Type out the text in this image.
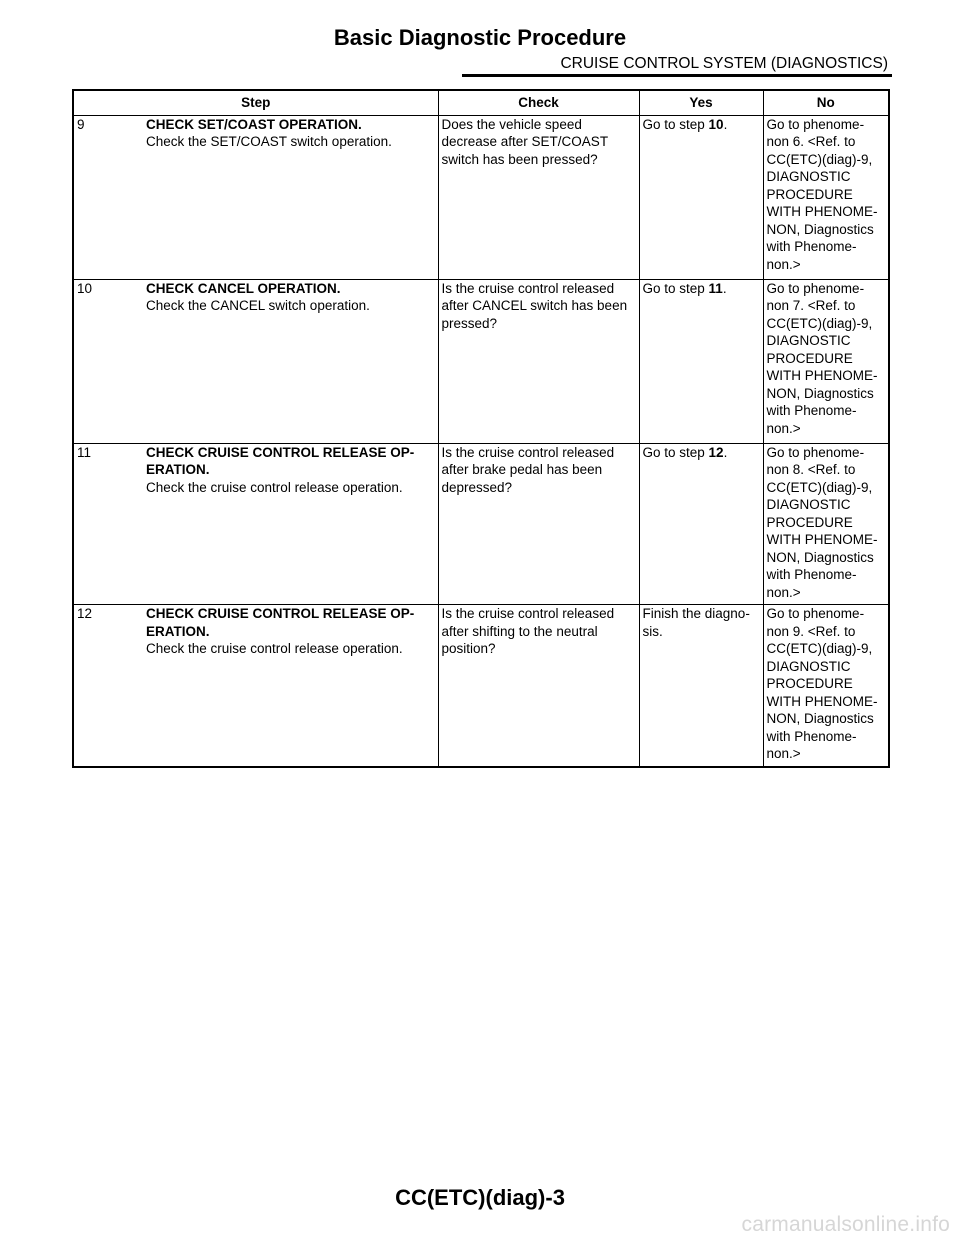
Basic Diagnostic Procedure
CRUISE CONTROL SYSTEM (DIAGNOSTICS)
Step	Check	Yes	No

9 CHECK SET/COAST OPERATION.
Check the SET/COAST switch operation.	Does the vehicle speed decrease after SET/COAST switch has been pressed?	Go to step 10.	Go to phenome-non 6. <Ref. to CC(ETC)(diag)-9, DIAGNOSTIC PROCEDURE WITH PHENOME-NON, Diagnostics with Phenome-non.>

10 CHECK CANCEL OPERATION.
Check the CANCEL switch operation.	Is the cruise control released after CANCEL switch has been pressed?	Go to step 11.	Go to phenome-non 7. <Ref. to CC(ETC)(diag)-9, DIAGNOSTIC PROCEDURE WITH PHENOME-NON, Diagnostics with Phenome-non.>

11 CHECK CRUISE CONTROL RELEASE OP-ERATION.
Check the cruise control release operation.	Is the cruise control released after brake pedal has been depressed?	Go to step 12.	Go to phenome-non 8. <Ref. to CC(ETC)(diag)-9, DIAGNOSTIC PROCEDURE WITH PHENOME-NON, Diagnostics with Phenome-non.>

12 CHECK CRUISE CONTROL RELEASE OP-ERATION.
Check the cruise control release operation.	Is the cruise control released after shifting to the neutral position?	Finish the diagno-sis.	Go to phenome-non 9. <Ref. to CC(ETC)(diag)-9, DIAGNOSTIC PROCEDURE WITH PHENOME-NON, Diagnostics with Phenome-non.>
CC(ETC)(diag)-3
carmanualsonline.info
